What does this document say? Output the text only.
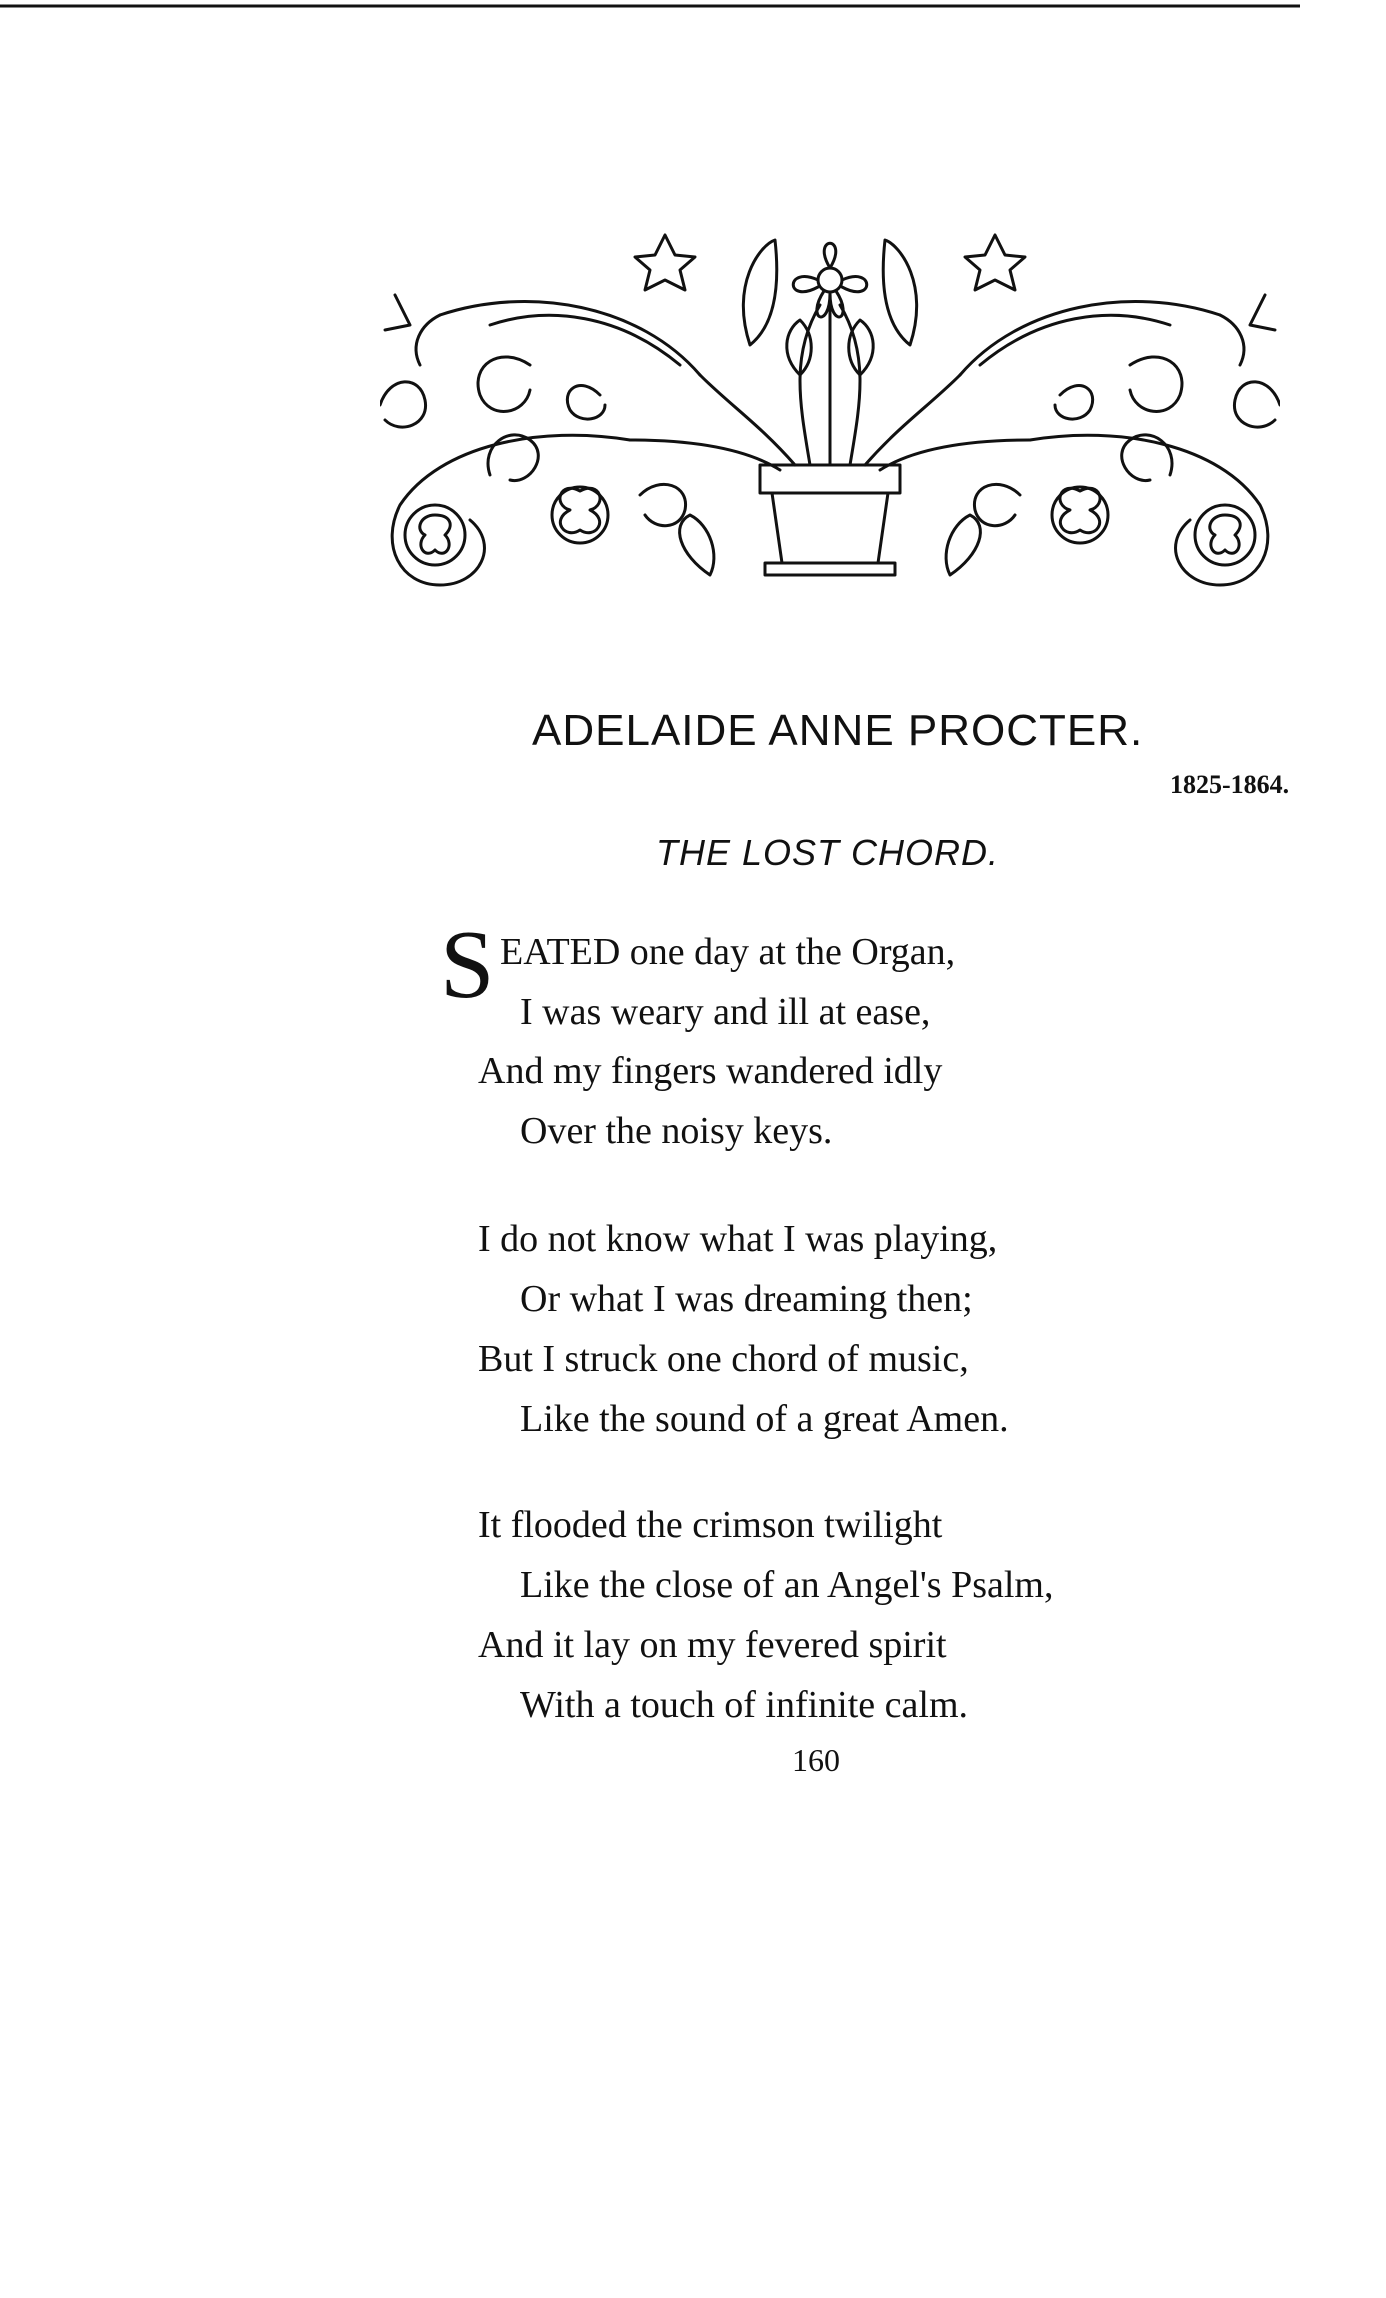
ADELAIDE ANNE PROCTER.
1825-1864.
THE LOST CHORD.
S EATED one day at the Organ,
I was weary and ill at ease,
And my fingers wandered idly
Over the noisy keys.
I do not know what I was playing,
Or what I was dreaming then;
But I struck one chord of music,
Like the sound of a great Amen.
It flooded the crimson twilight
Like the close of an Angel's Psalm,
And it lay on my fevered spirit
With a touch of infinite calm.
160
